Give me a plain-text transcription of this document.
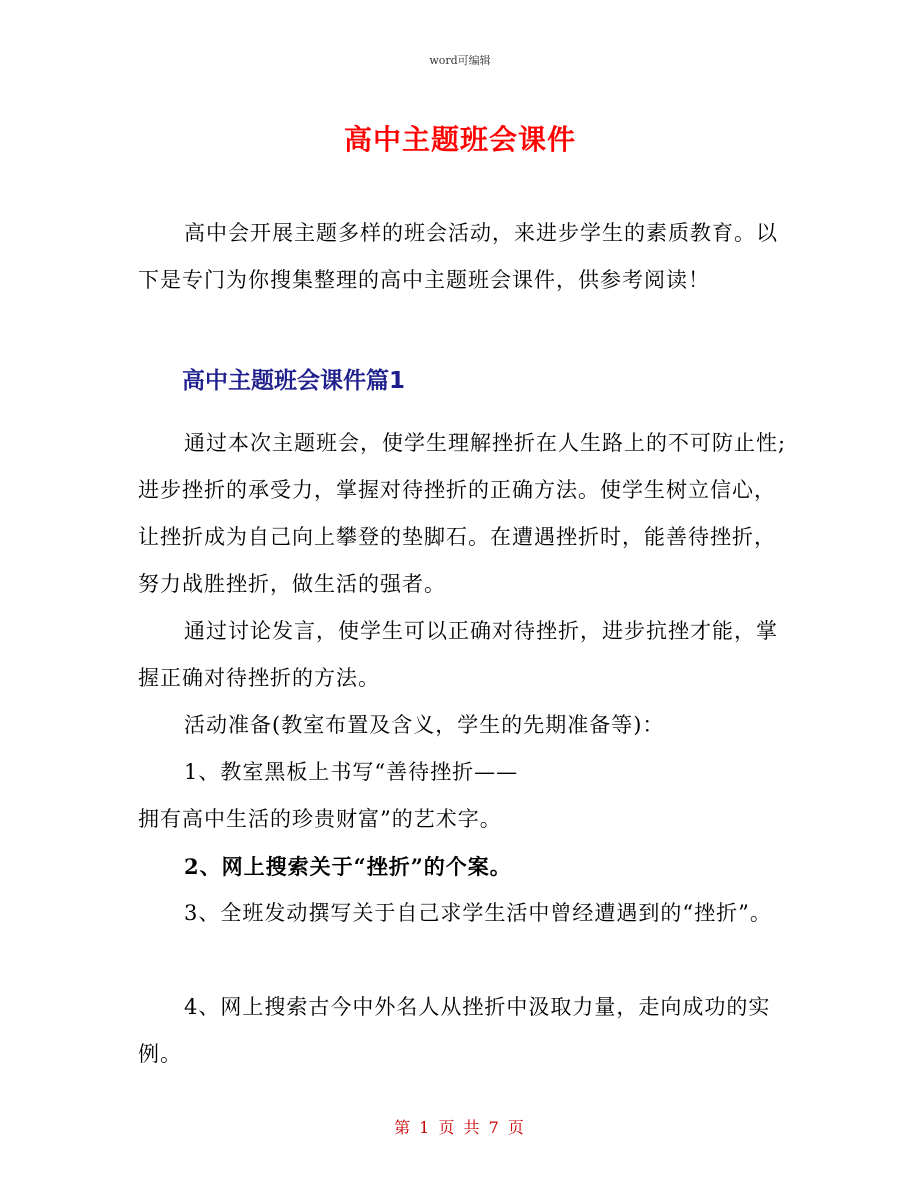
word可编辑
高中主题班会课件
高中会开展主题多样的班会活动，来进步学生的素质教育。以下是专门为你搜集整理的高中主题班会课件，供参考阅读！
高中主题班会课件篇1
通过本次主题班会，使学生理解挫折在人生路上的不可防止性;进步挫折的承受力，掌握对待挫折的正确方法。使学生树立信心，让挫折成为自己向上攀登的垫脚石。在遭遇挫折时，能善待挫折，努力战胜挫折，做生活的强者。
通过讨论发言，使学生可以正确对待挫折，进步抗挫才能，掌握正确对待挫折的方法。
活动准备(教室布置及含义，学生的先期准备等)：
1、教室黑板上书写“善待挫折——
拥有高中生活的珍贵财富”的艺术字。
2、网上搜索关于“挫折”的个案。
3、全班发动撰写关于自己求学生活中曾经遭遇到的“挫折”。
4、网上搜索古今中外名人从挫折中汲取力量，走向成功的实例。
第 1 页 共 7 页
